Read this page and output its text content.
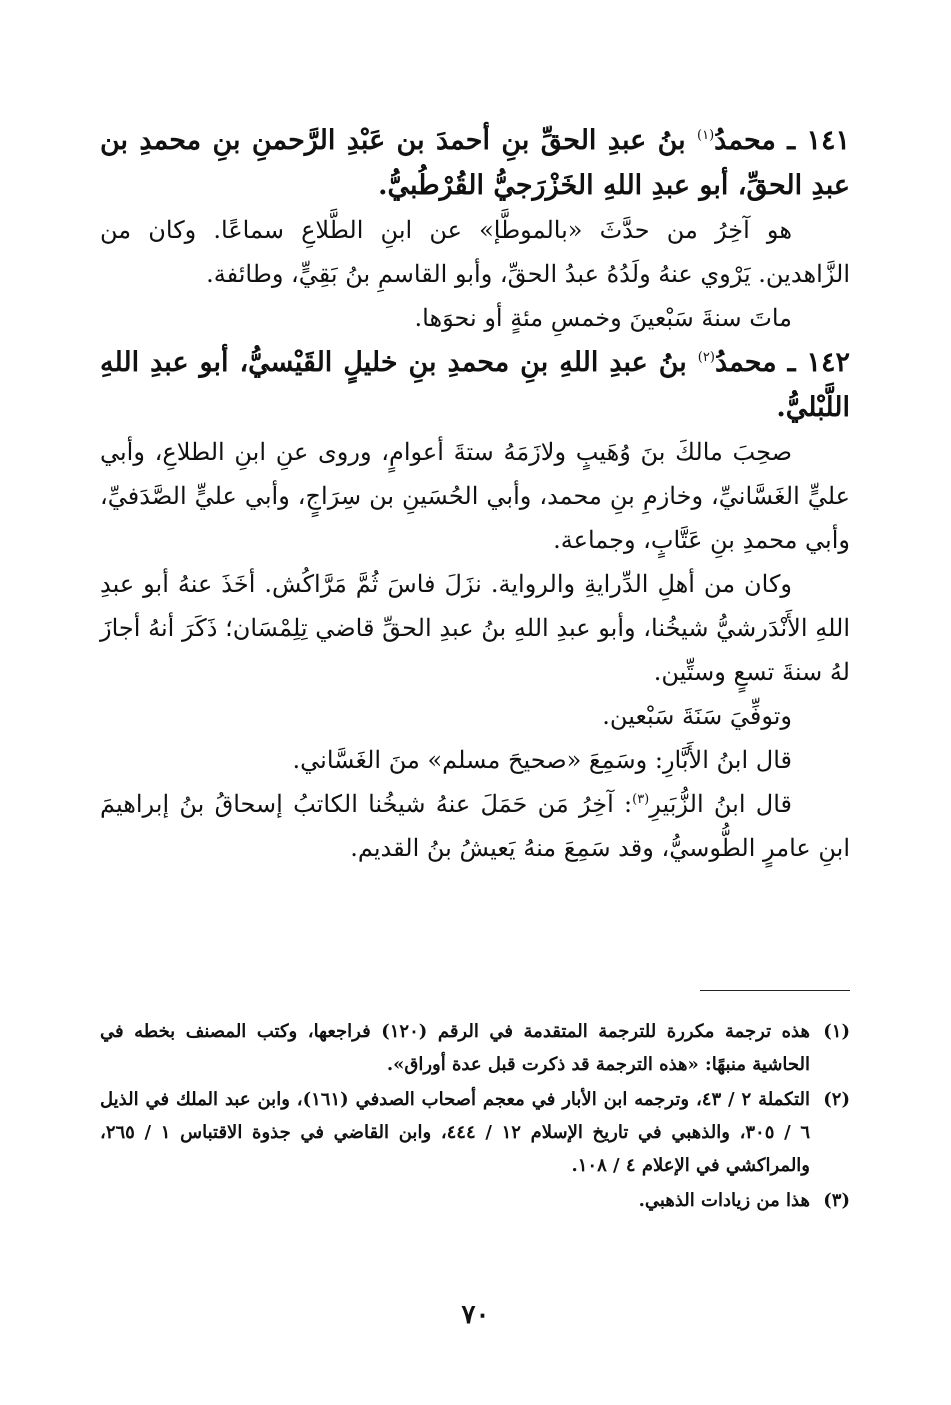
١٤١ ـ محمدُ$^{(١)}$ بنُ عبدِ الحقِّ بنِ أحمدَ بن عَبْدِ الرَّحمنِ بنِ محمدِ بن عبدِ الحقِّ، أبو عبدِ اللهِ الخَزْرَجيُّ القُرْطُبيُّ.

هو آخِرُ من حدَّثَ «بالموطَّإ» عن ابنِ الطَّلاعِ سماعًا. وكان من الزَّاهدين. يَرْوي عنهُ ولَدُهُ عبدُ الحقِّ، وأبو القاسمِ بنُ بَقِيٍّ، وطائفة.

ماتَ سنةَ سَبْعينَ وخمسِ مئةٍ أو نحوَها.

١٤٢ ـ محمدُ$^{(٢)}$ بنُ عبدِ اللهِ بنِ محمدِ بنِ خليلٍ القَيْسيُّ، أبو عبدِ اللهِ اللَّبْليُّ.

صحِبَ مالكَ بنَ وُهَيبٍ ولازَمَهُ ستةَ أعوامٍ، وروى عنِ ابنِ الطلاعِ، وأبي عليٍّ الغَسَّانيِّ، وخازمِ بنِ محمد، وأبي الحُسَينِ بن سِرَاجٍ، وأبي عليٍّ الصَّدَفيِّ، وأبي محمدِ بنِ عَتَّابٍ، وجماعة.

وكان من أهلِ الدِّرايةِ والرواية. نزَلَ فاسَ ثُمَّ مَرَّاكُش. أخَذَ عنهُ أبو عبدِ اللهِ الأَنْدَرشيُّ شيخُنا، وأبو عبدِ اللهِ بنُ عبدِ الحقِّ قاضي تِلِمْسَان؛ ذَكَرَ أنهُ أجازَ لهُ سنةَ تسعٍ وستِّين.

وتوفِّيَ سَنَةَ سَبْعين.

قال ابنُ الأَبَّارِ: وسَمِعَ «صحيحَ مسلم» منَ الغَسَّاني.

قال ابنُ الزُّبَيرِ$^{(٣)}$: آخِرُ مَن حَمَلَ عنهُ شيخُنا الكاتبُ إسحاقُ بنُ إبراهيمَ ابنِ عامرٍ الطُّوسيُّ، وقد سَمِعَ منهُ يَعيشُ بنُ القديم.

(١)
هذه ترجمة مكررة للترجمة المتقدمة في الرقم (١٢٠) فراجعها، وكتب المصنف بخطه في الحاشية منبهًا: «هذه الترجمة قد ذكرت قبل عدة أوراق».
(٢)
التكملة ٢ / ٤٣، وترجمه ابن الأبار في معجم أصحاب الصدفي (١٦١)، وابن عبد الملك في الذيل ٦ / ٣٠٥، والذهبي في تاريخ الإسلام ١٢ / ٤٤٤، وابن القاضي في جذوة الاقتباس ١ / ٢٦٥، والمراكشي في الإعلام ٤ / ١٠٨.
(٣)
هذا من زيادات الذهبي.
٧٠
